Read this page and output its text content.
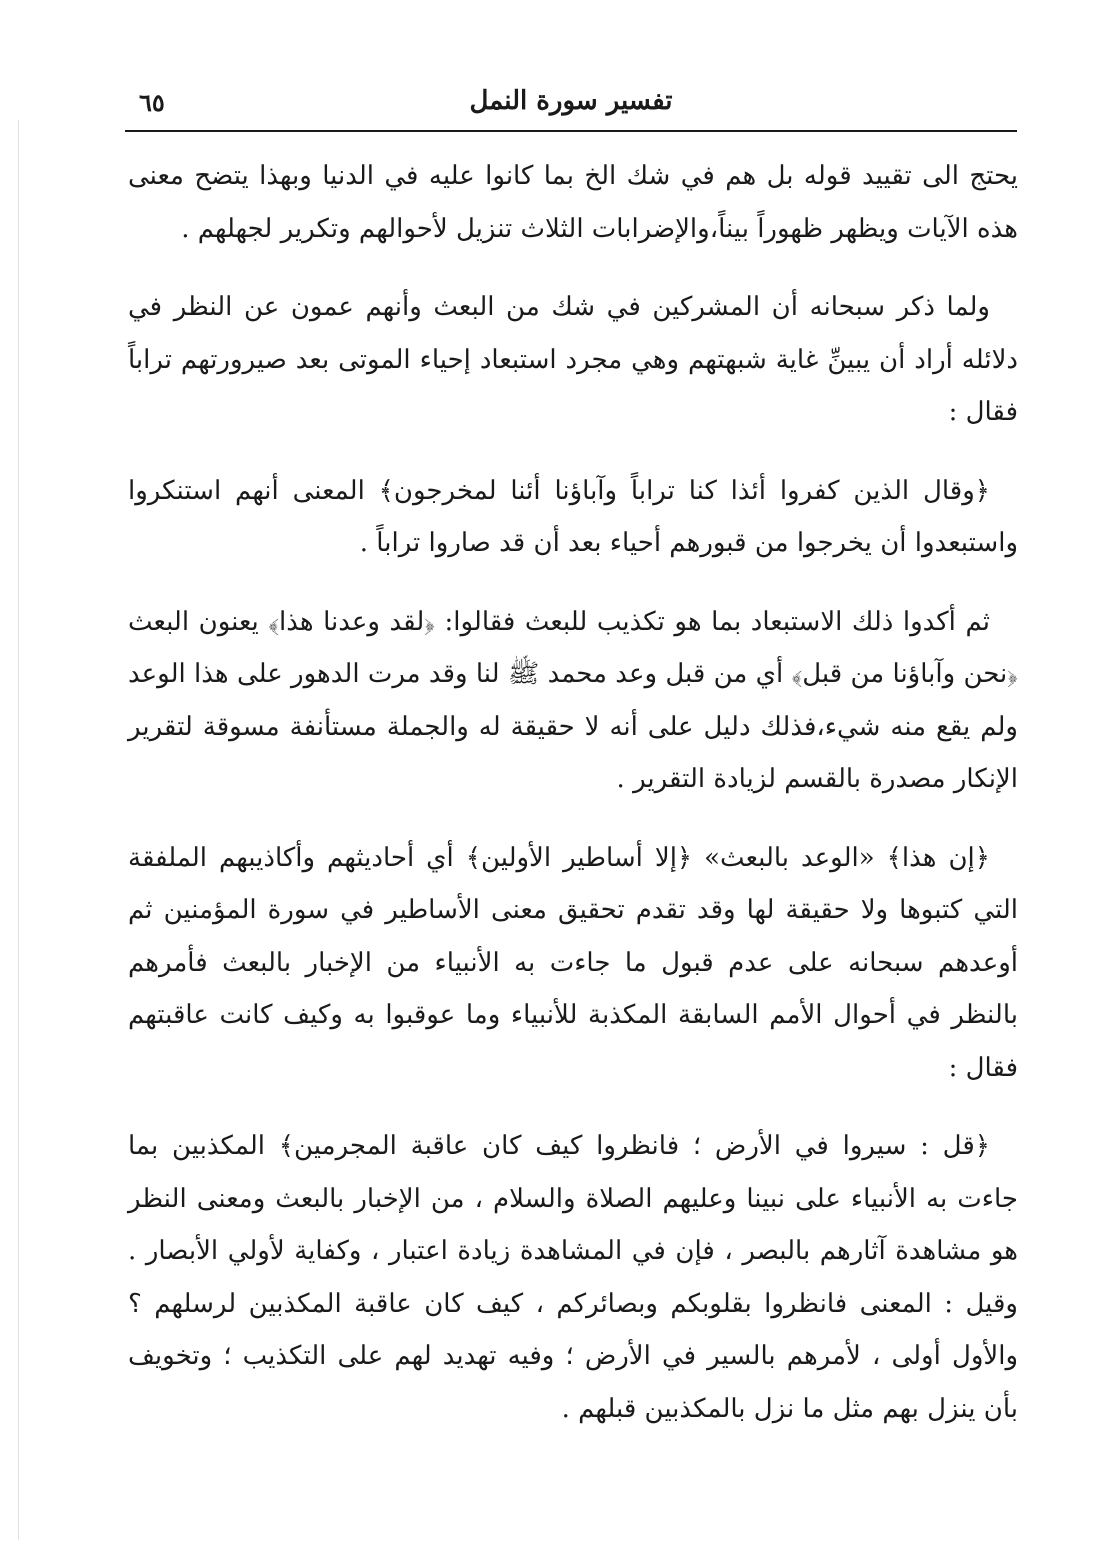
تفسير سورة النمل
٦٥

يحتج الى تقييد قوله بل هم في شك الخ بما كانوا عليه في الدنيا وبهذا يتضح معنى هذه الآيات ويظهر ظهوراً بيناً،والإضرابات الثلاث تنزيل لأحوالهم وتكرير لجهلهم .

ولما ذكر سبحانه أن المشركين في شك من البعث وأنهم عمون عن النظر في دلائله أراد أن يبينِّ غاية شبهتهم وهي مجرد استبعاد إحياء الموتى بعد صيرورتهم تراباً فقال :

﴿وقال الذين كفروا أئذا كنا تراباً وآباؤنا أئنا لمخرجون﴾ المعنى أنهم استنكروا واستبعدوا أن يخرجوا من قبورهم أحياء بعد أن قد صاروا تراباً .

ثم أكدوا ذلك الاستبعاد بما هو تكذيب للبعث فقالوا: ﴿لقد وعدنا هذا﴾ يعنون البعث ﴿نحن وآباؤنا من قبل﴾ أي من قبل وعد محمد ﷺ لنا وقد مرت الدهور على هذا الوعد ولم يقع منه شيء،فذلك دليل على أنه لا حقيقة له والجملة مستأنفة مسوقة لتقرير الإنكار مصدرة بالقسم لزيادة التقرير .

﴿إن هذا﴾ «الوعد بالبعث» ﴿إلا أساطير الأولين﴾ أي أحاديثهم وأكاذيبهم الملفقة التي كتبوها ولا حقيقة لها وقد تقدم تحقيق معنى الأساطير في سورة المؤمنين ثم أوعدهم سبحانه على عدم قبول ما جاءت به الأنبياء من الإخبار بالبعث فأمرهم بالنظر في أحوال الأمم السابقة المكذبة للأنبياء وما عوقبوا به وكيف كانت عاقبتهم فقال :

﴿قل : سيروا في الأرض ؛ فانظروا كيف كان عاقبة المجرمين﴾ المكذبين بما جاءت به الأنبياء على نبينا وعليهم الصلاة والسلام ، من الإخبار بالبعث ومعنى النظر هو مشاهدة آثارهم بالبصر ، فإن في المشاهدة زيادة اعتبار ، وكفاية لأولي الأبصار . وقيل : المعنى فانظروا بقلوبكم وبصائركم ، كيف كان عاقبة المكذبين لرسلهم ؟ والأول أولى ، لأمرهم بالسير في الأرض ؛ وفيه تهديد لهم على التكذيب ؛ وتخويف بأن ينزل بهم مثل ما نزل بالمكذبين قبلهم .
